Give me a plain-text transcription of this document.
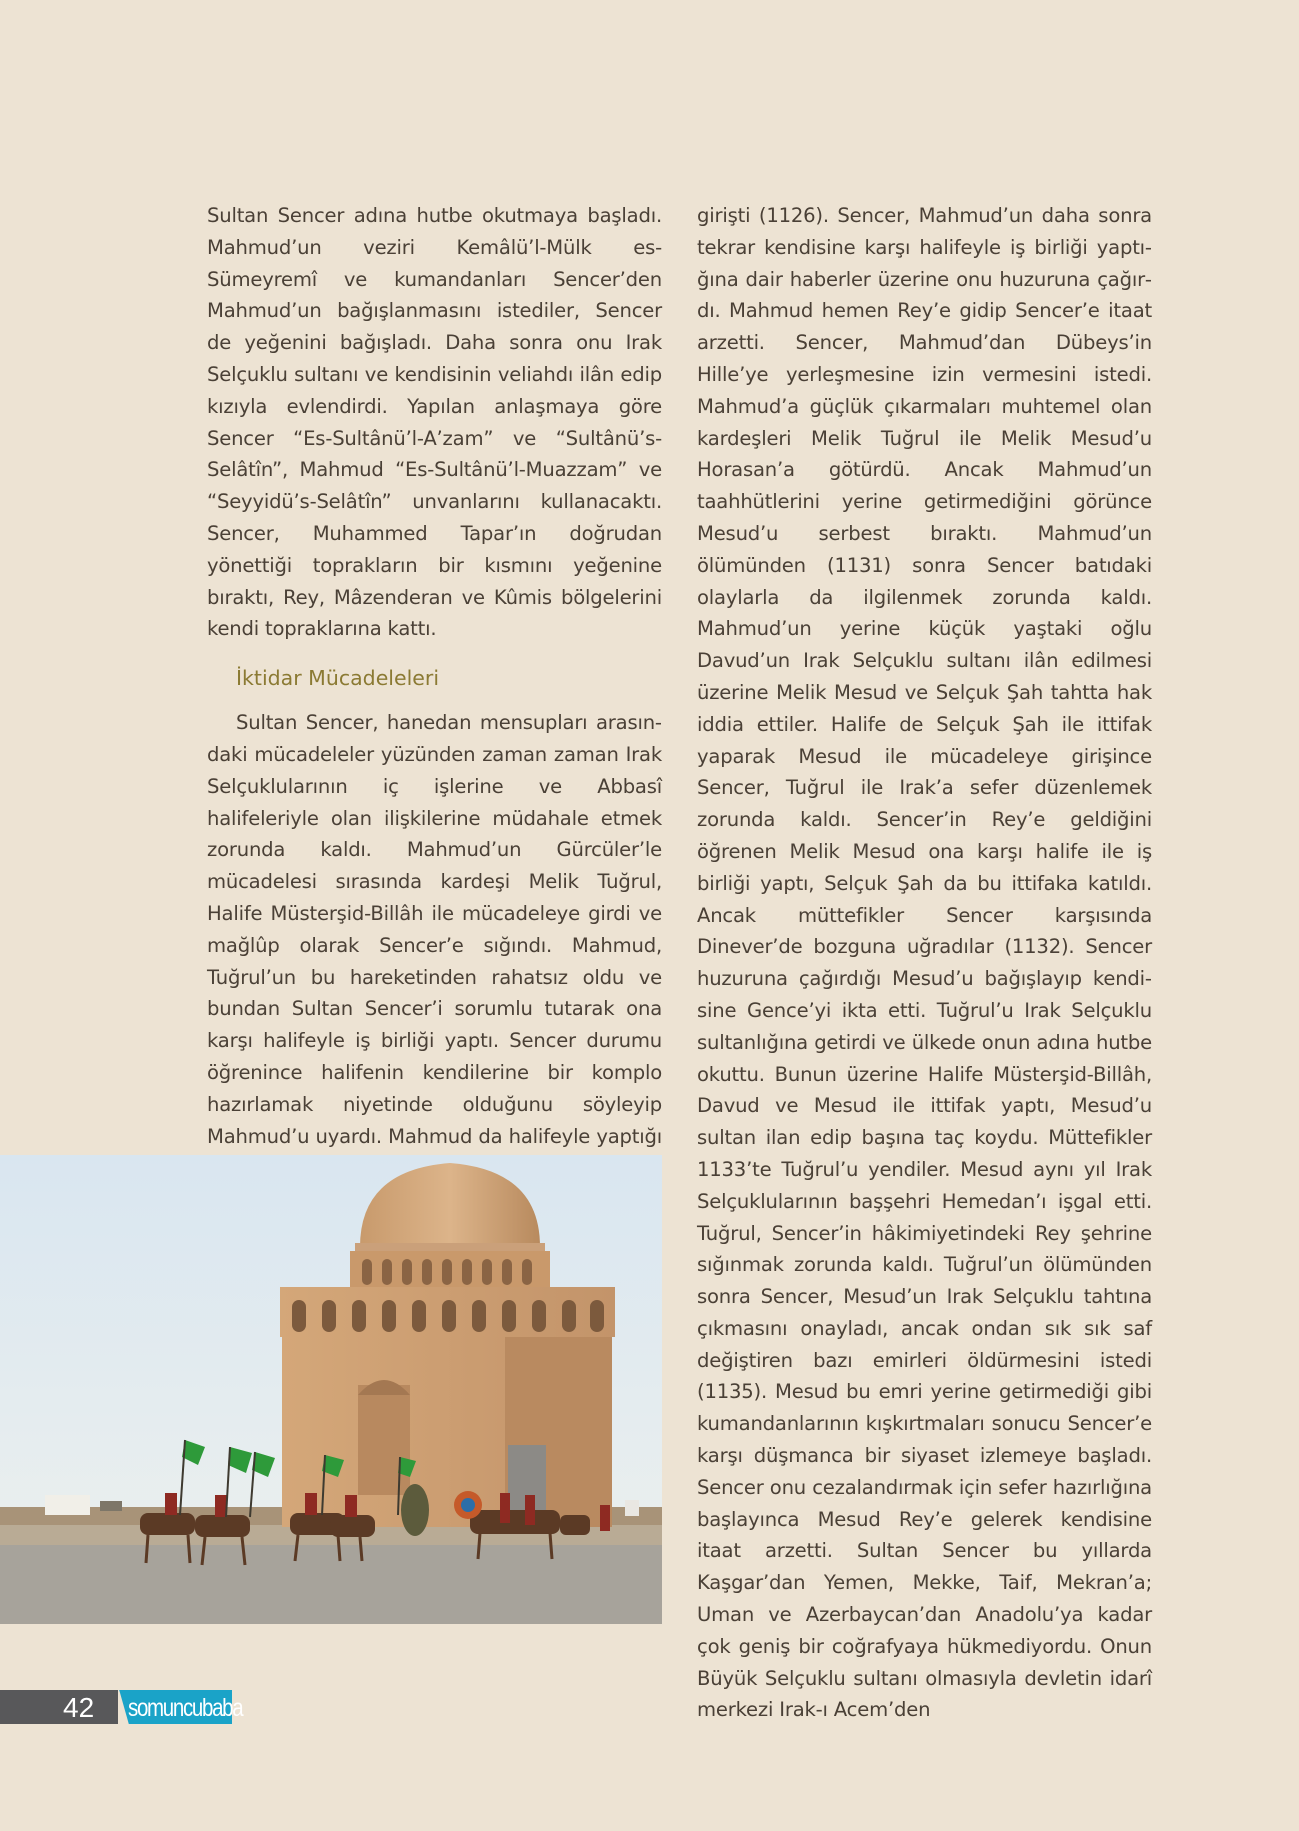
Sultan Sencer adına hutbe okutmaya başladı. Mahmud’un veziri Kemâlü’l-Mülk es-Sümeyremî ve kumandanları Sencer’den Mahmud’un bağışlanmasını istediler, Sencer de yeğenini bağışladı. Daha sonra onu Irak Selçuklu sultanı ve kendisinin veliahdı ilân edip kızıyla evlendirdi. Yapılan anlaşmaya göre Sencer “Es-Sultânü’l-A’zam” ve “Sultânü’s-Selâtîn”, Mahmud “Es-Sultânü’l-Muazzam” ve “Seyyidü’s-Selâtîn” unvanlarını kullanacaktı. Sencer, Muhammed Tapar’ın doğrudan yönettiği toprakların bir kısmını yeğenine bıraktı, Rey, Mâzenderan ve Kûmis bölgelerini kendi topraklarına kattı.

İktidar Mücadeleleri

Sultan Sencer, hanedan mensupları arasındaki mücadeleler yüzünden zaman zaman Irak Selçuklularının iç işlerine ve Abbasî halifeleriyle olan ilişkilerine müdahale etmek zorunda kaldı. Mahmud’un Gürcüler’le mücadelesi sırasında kardeşi Melik Tuğrul, Halife Müsterşid-Billâh ile mücadeleye girdi ve mağlûp olarak Sencer’e sığındı. Mahmud, Tuğrul’un bu hareketinden rahatsız oldu ve bundan Sultan Sencer’i sorumlu tutarak ona karşı halifeyle iş birliği yaptı. Sencer durumu öğrenince halifenin kendilerine bir komplo hazırlamak niyetinde olduğunu söyleyip Mahmud’u uyardı. Mahmud da halifeyle yaptığı

girişti (1126). Sencer, Mahmud’un daha sonra tekrar kendisine karşı halifeyle iş birliği yaptığına dair haberler üzerine onu huzuruna çağırdı. Mahmud hemen Rey’e gidip Sencer’e itaat arzetti. Sencer, Mahmud’dan Dübeys’in Hille’ye yerleşmesine izin vermesini istedi. Mahmud’a güçlük çıkarmaları muhtemel olan kardeşleri Melik Tuğrul ile Melik Mesud’u Horasan’a götürdü. Ancak Mahmud’un taahhütlerini yerine getirmediğini görünce Mesud’u serbest bıraktı. Mahmud’un ölümünden (1131) sonra Sencer batıdaki olaylarla da ilgilenmek zorunda kaldı. Mahmud’un yerine küçük yaştaki oğlu Davud’un Irak Selçuklu sultanı ilân edilmesi üzerine Melik Mesud ve Selçuk Şah tahtta hak iddia ettiler. Halife de Selçuk Şah ile ittifak yaparak Mesud ile mücadeleye girişince Sencer, Tuğrul ile Irak’a sefer düzenlemek zorunda kaldı. Sencer’in Rey’e geldiğini öğrenen Melik Mesud ona karşı halife ile iş birliği yaptı, Selçuk Şah da bu ittifaka katıldı. Ancak müttefikler Sencer karşısında Dinever’de bozguna uğradılar (1132). Sencer huzuruna çağırdığı Mesud’u bağışlayıp kendisine Gence’yi ikta etti. Tuğrul’u Irak Selçuklu sultanlığına getirdi ve ülkede onun adına hutbe okuttu. Bunun üzerine Halife Müsterşid-Billâh, Davud ve Mesud ile ittifak yaptı, Mesud’u sultan ilan edip başına taç koydu. Müttefikler 1133’te Tuğrul’u yendiler. Mesud aynı yıl Irak Selçuklularının başşehri Hemedan’ı işgal etti. Tuğrul, Sencer’in hâkimiyetindeki Rey şehrine sığınmak zorunda kaldı. Tuğrul’un ölümünden sonra Sencer, Mesud’un Irak Selçuklu tahtına çıkmasını onayladı, ancak ondan sık sık saf değiştiren bazı emirleri öldürmesini istedi (1135). Mesud bu emri yerine getirmediği gibi kumandanlarının kışkırtmaları sonucu Sencer’e karşı düşmanca bir siyaset izlemeye başladı. Sencer onu cezalandırmak için sefer hazırlığına başlayınca Mesud Rey’e gelerek kendisine itaat arzetti. Sultan Sencer bu yıllarda Kaşgar’dan Yemen, Mekke, Taif, Mekran’a; Uman ve Azerbaycan’dan Anadolu’ya kadar çok geniş bir coğrafyaya hükmediyordu. Onun Büyük Selçuklu sultanı olmasıyla devletin idarî merkezi Irak-ı Acem’den

42 somuncubaba
